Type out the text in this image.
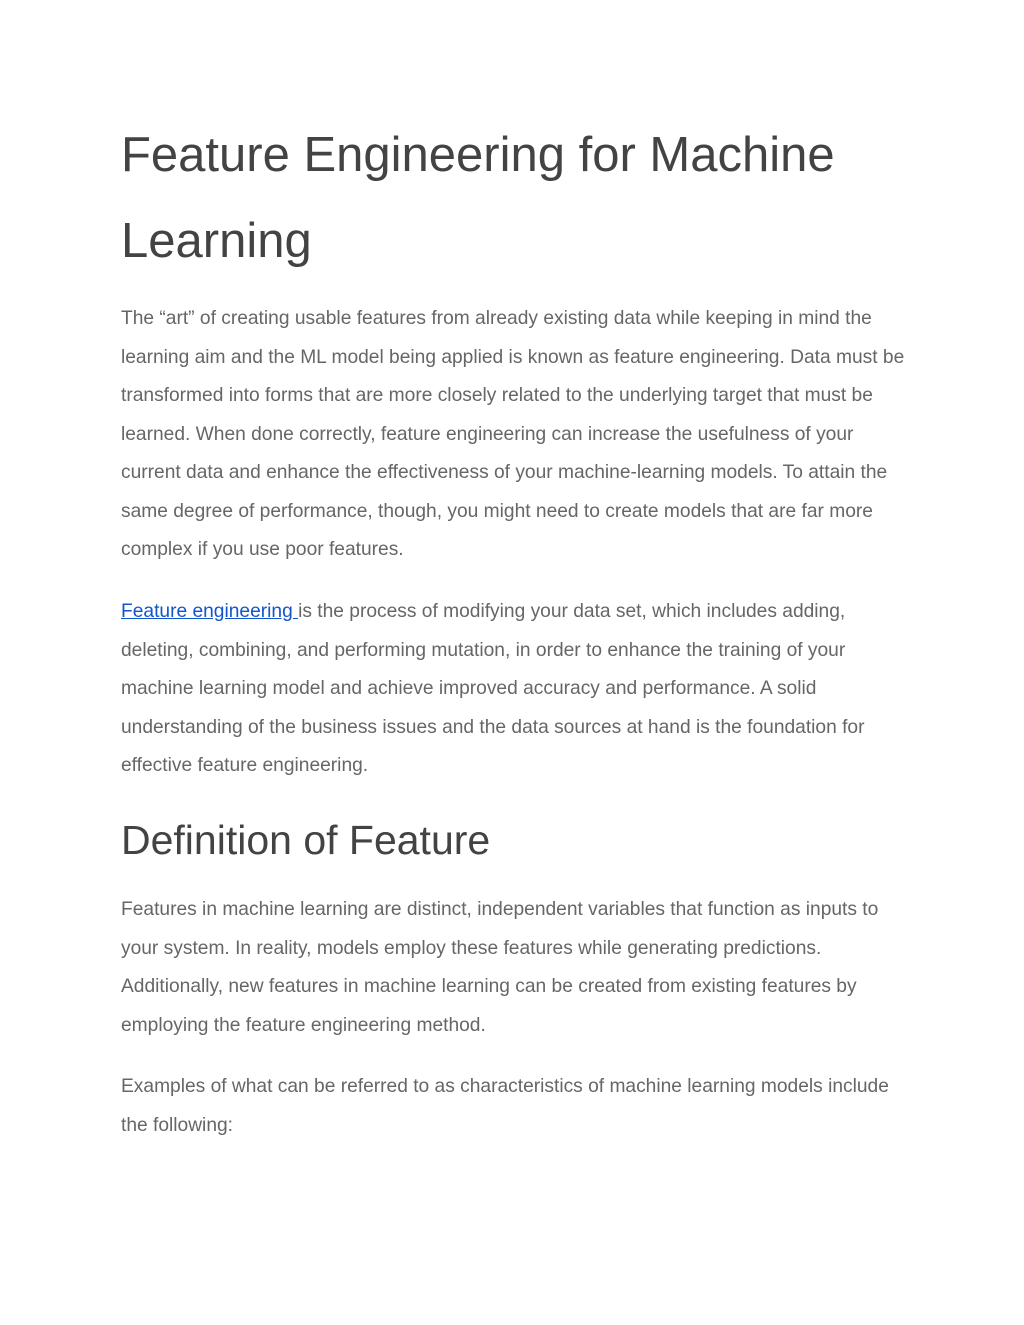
Feature Engineering for Machine Learning

The “art” of creating usable features from already existing data while keeping in mind the learning aim and the ML model being applied is known as feature engineering. Data must be transformed into forms that are more closely related to the underlying target that must be learned. When done correctly, feature engineering can increase the usefulness of your current data and enhance the effectiveness of your machine-learning models. To attain the same degree of performance, though, you might need to create models that are far more complex if you use poor features.

Feature engineering is the process of modifying your data set, which includes adding, deleting, combining, and performing mutation, in order to enhance the training of your machine learning model and achieve improved accuracy and performance. A solid understanding of the business issues and the data sources at hand is the foundation for effective feature engineering.

Definition of Feature

Features in machine learning are distinct, independent variables that function as inputs to your system. In reality, models employ these features while generating predictions. Additionally, new features in machine learning can be created from existing features by employing the feature engineering method.

Examples of what can be referred to as characteristics of machine learning models include the following:
